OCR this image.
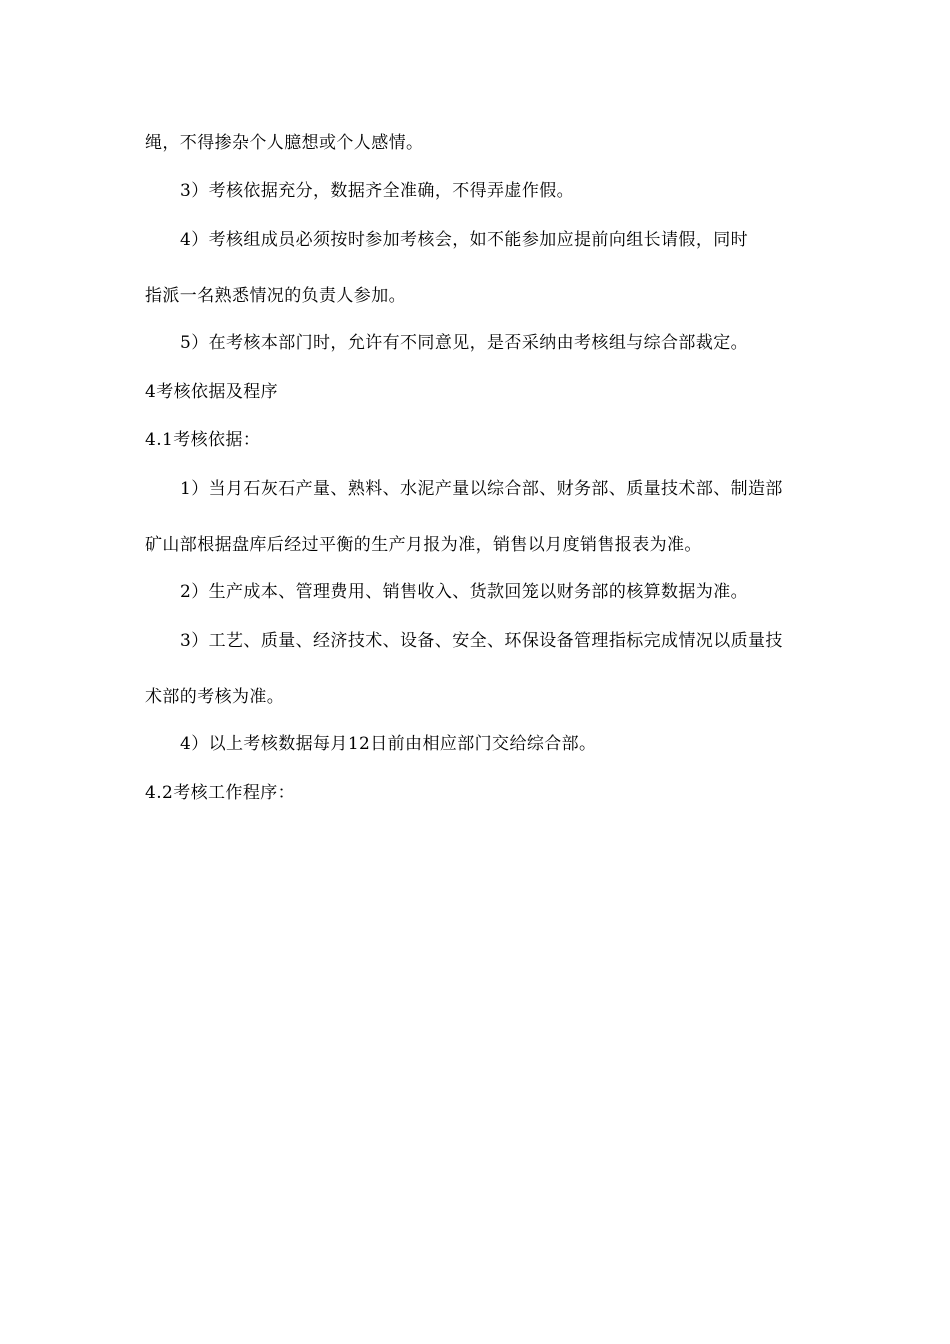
绳，不得掺杂个人臆想或个人感情。
3）考核依据充分，数据齐全准确，不得弄虚作假。
4）考核组成员必须按时参加考核会，如不能参加应提前向组长请假，同时
指派一名熟悉情况的负责人参加。
5）在考核本部门时，允许有不同意见，是否采纳由考核组与综合部裁定。
4考核依据及程序
4.1考核依据：
1）当月石灰石产量、熟料、水泥产量以综合部、财务部、质量技术部、制造部
矿山部根据盘库后经过平衡的生产月报为准，销售以月度销售报表为准。
2）生产成本、管理费用、销售收入、货款回笼以财务部的核算数据为准。
3）工艺、质量、经济技术、设备、安全、环保设备管理指标完成情况以质量技
术部的考核为准。
4）以上考核数据每月12日前由相应部门交给综合部。
4.2考核工作程序：
